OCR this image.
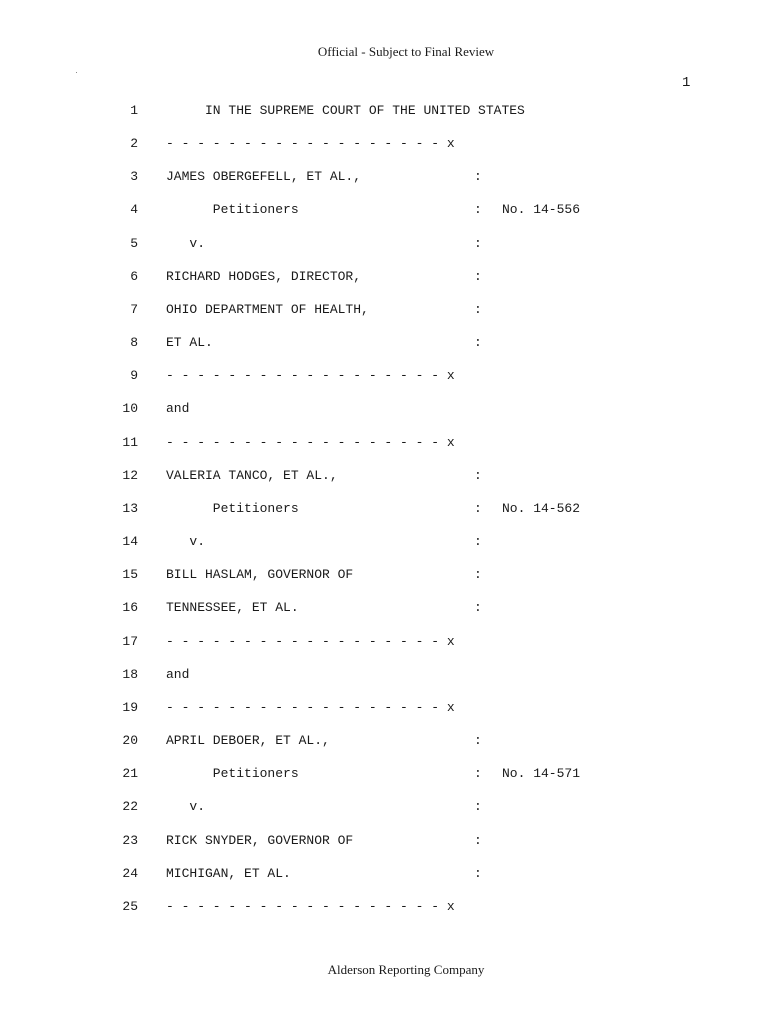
Official - Subject to Final Review
1
1 IN THE SUPREME COURT OF THE UNITED STATES
2 - - - - - - - - - - - - - - - - - - x
3 JAMES OBERGEFELL, ET AL.,	:
4 Petitioners	: No. 14-556
5 v.	:
6 RICHARD HODGES, DIRECTOR,	:
7 OHIO DEPARTMENT OF HEALTH,	:
8 ET AL.	:
9 - - - - - - - - - - - - - - - - - - x
10 and
11 - - - - - - - - - - - - - - - - - - x
12 VALERIA TANCO, ET AL.,	:
13 Petitioners	: No. 14-562
14 v.	:
15 BILL HASLAM, GOVERNOR OF	:
16 TENNESSEE, ET AL.	:
17 - - - - - - - - - - - - - - - - - - x
18 and
19 - - - - - - - - - - - - - - - - - - x
20 APRIL DEBOER, ET AL.,	:
21 Petitioners	: No. 14-571
22 v.	:
23 RICK SNYDER, GOVERNOR OF	:
24 MICHIGAN, ET AL.	:
25 - - - - - - - - - - - - - - - - - - x
Alderson Reporting Company
